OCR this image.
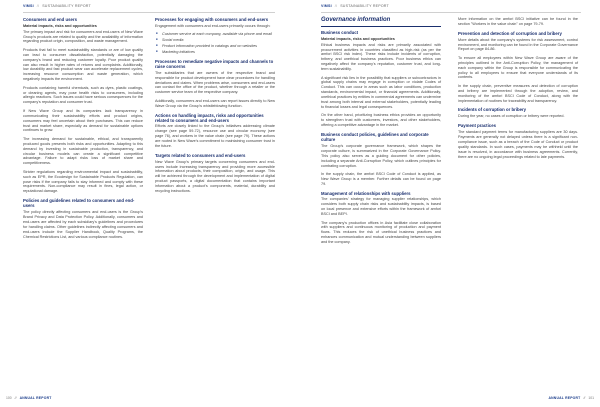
VIMSI // SUSTAINABILITY REPORT
Consumers and end users
Material impacts, risks and opportunities

The primary impact and risk for consumers and end-users of New Wave Group's products are related to quality and the availability of information regarding product origin, composition, and waste management.

Products that fail to meet sustainability standards or are of low quality can lead to consumer dissatisfaction, potentially damaging the company's brand and reducing customer loyalty. Poor product quality can also result in higher rates of returns and complaints. Additionally, low durability and fast product wear can accelerate replacement cycles, increasing resource consumption and waste generation, which negatively impacts the environment.

Products containing harmful chemicals, such as dyes, plastic coatings, or cleaning agents, may pose health risks to consumers, including allergic reactions. Such issues could have serious consequences for the company's reputation and consumer trust.

If New Wave Group and its companies lack transparency in communicating their sustainability efforts and product origins, consumers may feel uncertain about their purchases. This can reduce trust and market share, especially as demand for sustainable options continues to grow.

The increasing demand for sustainable, ethical, and transparently produced goods presents both risks and opportunities. Adapting to this demand by investing in sustainable production, transparency, and circular business models can create a significant competitive advantage. Failure to adapt risks loss of market share and competitiveness.

Stricter regulations regarding environmental impact and sustainability, such as EPR, the Ecodesign for Sustainable Products Regulation, can pose risks if the company fails to stay informed and comply with these requirements. Non-compliance may result in fines, legal action, or reputational damage.

Policies and guidelines related to consumers and end-users

The policy directly affecting consumers and end-users is the Group's Brand Privacy and Data Protection Policy. Additionally, consumers and end-users are affected by each subsidiary's guidelines and procedures for handling claims. Other guidelines indirectly affecting consumers and end-users include the Supplier Handbook, Quality Programs, the Chemical Restrictions List, and various compliance routines.

Processes for engaging with consumers and end-users

Engagement with consumers and end-users primarily occurs through:

■ Customer service at each company, available via phone and email
■ Social media
■ Product information provided in catalogs and on websites
■ Marketing initiatives
Processes to remediate negative impacts and channels to raise concerns

The subsidiaries that are owners of the respective brand and responsible for product development have clear procedures for handling deviations and claims. When problems arise, consumers and end-users can contact the office of the product, whether through a retailer or the customer service team of the respective company.

Additionally, consumers and end-users can report issues directly to New Wave Group via the Group's whistleblowing function.

Actions on handling impacts, risks and opportunities related to consumers and end-users

Efforts are closely linked to the Group's initiatives addressing climate change (see page 59-72), resource use and circular economy (see page 76), and workers in the value chain (see page 79). These actions are rooted in New Wave's commitment to maintaining consumer trust in the future.

Targets related to consumers and end-users

New Wave Group's primary targets concerning consumers and end-users include increasing transparency and providing more accessible information about products, their composition, origin, and usage. This will be achieved through the development and implementation of digital product passports, a digital documentation that contains important information about a product's components, material, durability and recycling instructions.

100 // ANNUAL REPORT
VIMSI // SUSTAINABILITY REPORT
Governance information
Business conduct
Material impacts, risks and opportunities

Ethical business impacts and risks are primarily associated with procurement activities in countries classified as high-risk (as per the amfori BSCI risk index). These risks include incidents of corruption, bribery, and unethical business practices. Poor business ethics can negatively affect the company's reputation, customer trust, and long-term sustainability.

A significant risk lies in the possibility that suppliers or subcontractors in global supply chains may engage in corruption or violate Codes of Conduct. This can occur in areas such as labor conditions, production standards, environmental impact, or financial agreements. Additionally, unethical practices by entities in commercial agreements can undermine trust among both internal and external stakeholders, potentially leading to financial losses and legal consequences.

On the other hand, prioritizing business ethics provides an opportunity to strengthen trust with customers, investors, and other stakeholders, offering a competitive advantage in the market.

Business conduct policies, guidelines and corporate culture

The Group's corporate governance framework, which shapes the corporate culture, is summarized in the Corporate Governance Policy. This policy also serves as a guiding document for other policies, including a separate Anti-Corruption Policy, which outlines principles for combating corruption.

In the supply chain, the amfori BSCI Code of Conduct is applied, as New Wave Group is a member. Further details can be found on page 79.

Management of relationships with suppliers

The companies' strategy for managing supplier relationships, which considers both supply chain risks and sustainability impacts, is based on local presence and extensive efforts within the framework of amfori BSCI and BEPI.

The company's production offices in Asia facilitate close collaboration with suppliers and continuous monitoring of production and payment flows. This reduces the risk of unethical business practices and enhances communication and mutual understanding between suppliers and the company.

More information on the amfori BSCI initiative can be found in the section "Workers in the value chain" on page 79-79.

Prevention and detection of corruption and bribery

More details about the company's systems for risk assessment, control environment, and monitoring can be found in the Corporate Governance Report on page 84-86.

To ensure all employees within New Wave Group are aware of the principles outlined in the Anti-Corruption Policy, the management of each company within the Group is responsible for communicating the policy to all employees to ensure that everyone understands of its contents.

In the supply chain, preventive measures and detection of corruption and bribery are implemented through the adoption, review, and monitoring of the amfori BSCI Code of Conduct, along with the implementation of routines for traceability and transparency.

Incidents of corruption or bribery

During the year, no cases of corruption or bribery were reported.

Payment practices

The standard payment terms for manufacturing suppliers are 30 days. Payments are generally not delayed unless there is a significant non-compliance issue, such as a breach of the Code of Conduct or product quality standards. In such cases, payments may be withheld until the issue is resolved, in accordance with business agreements. Currently, there are no ongoing legal proceedings related to late payments.

ANNUAL REPORT // 101
